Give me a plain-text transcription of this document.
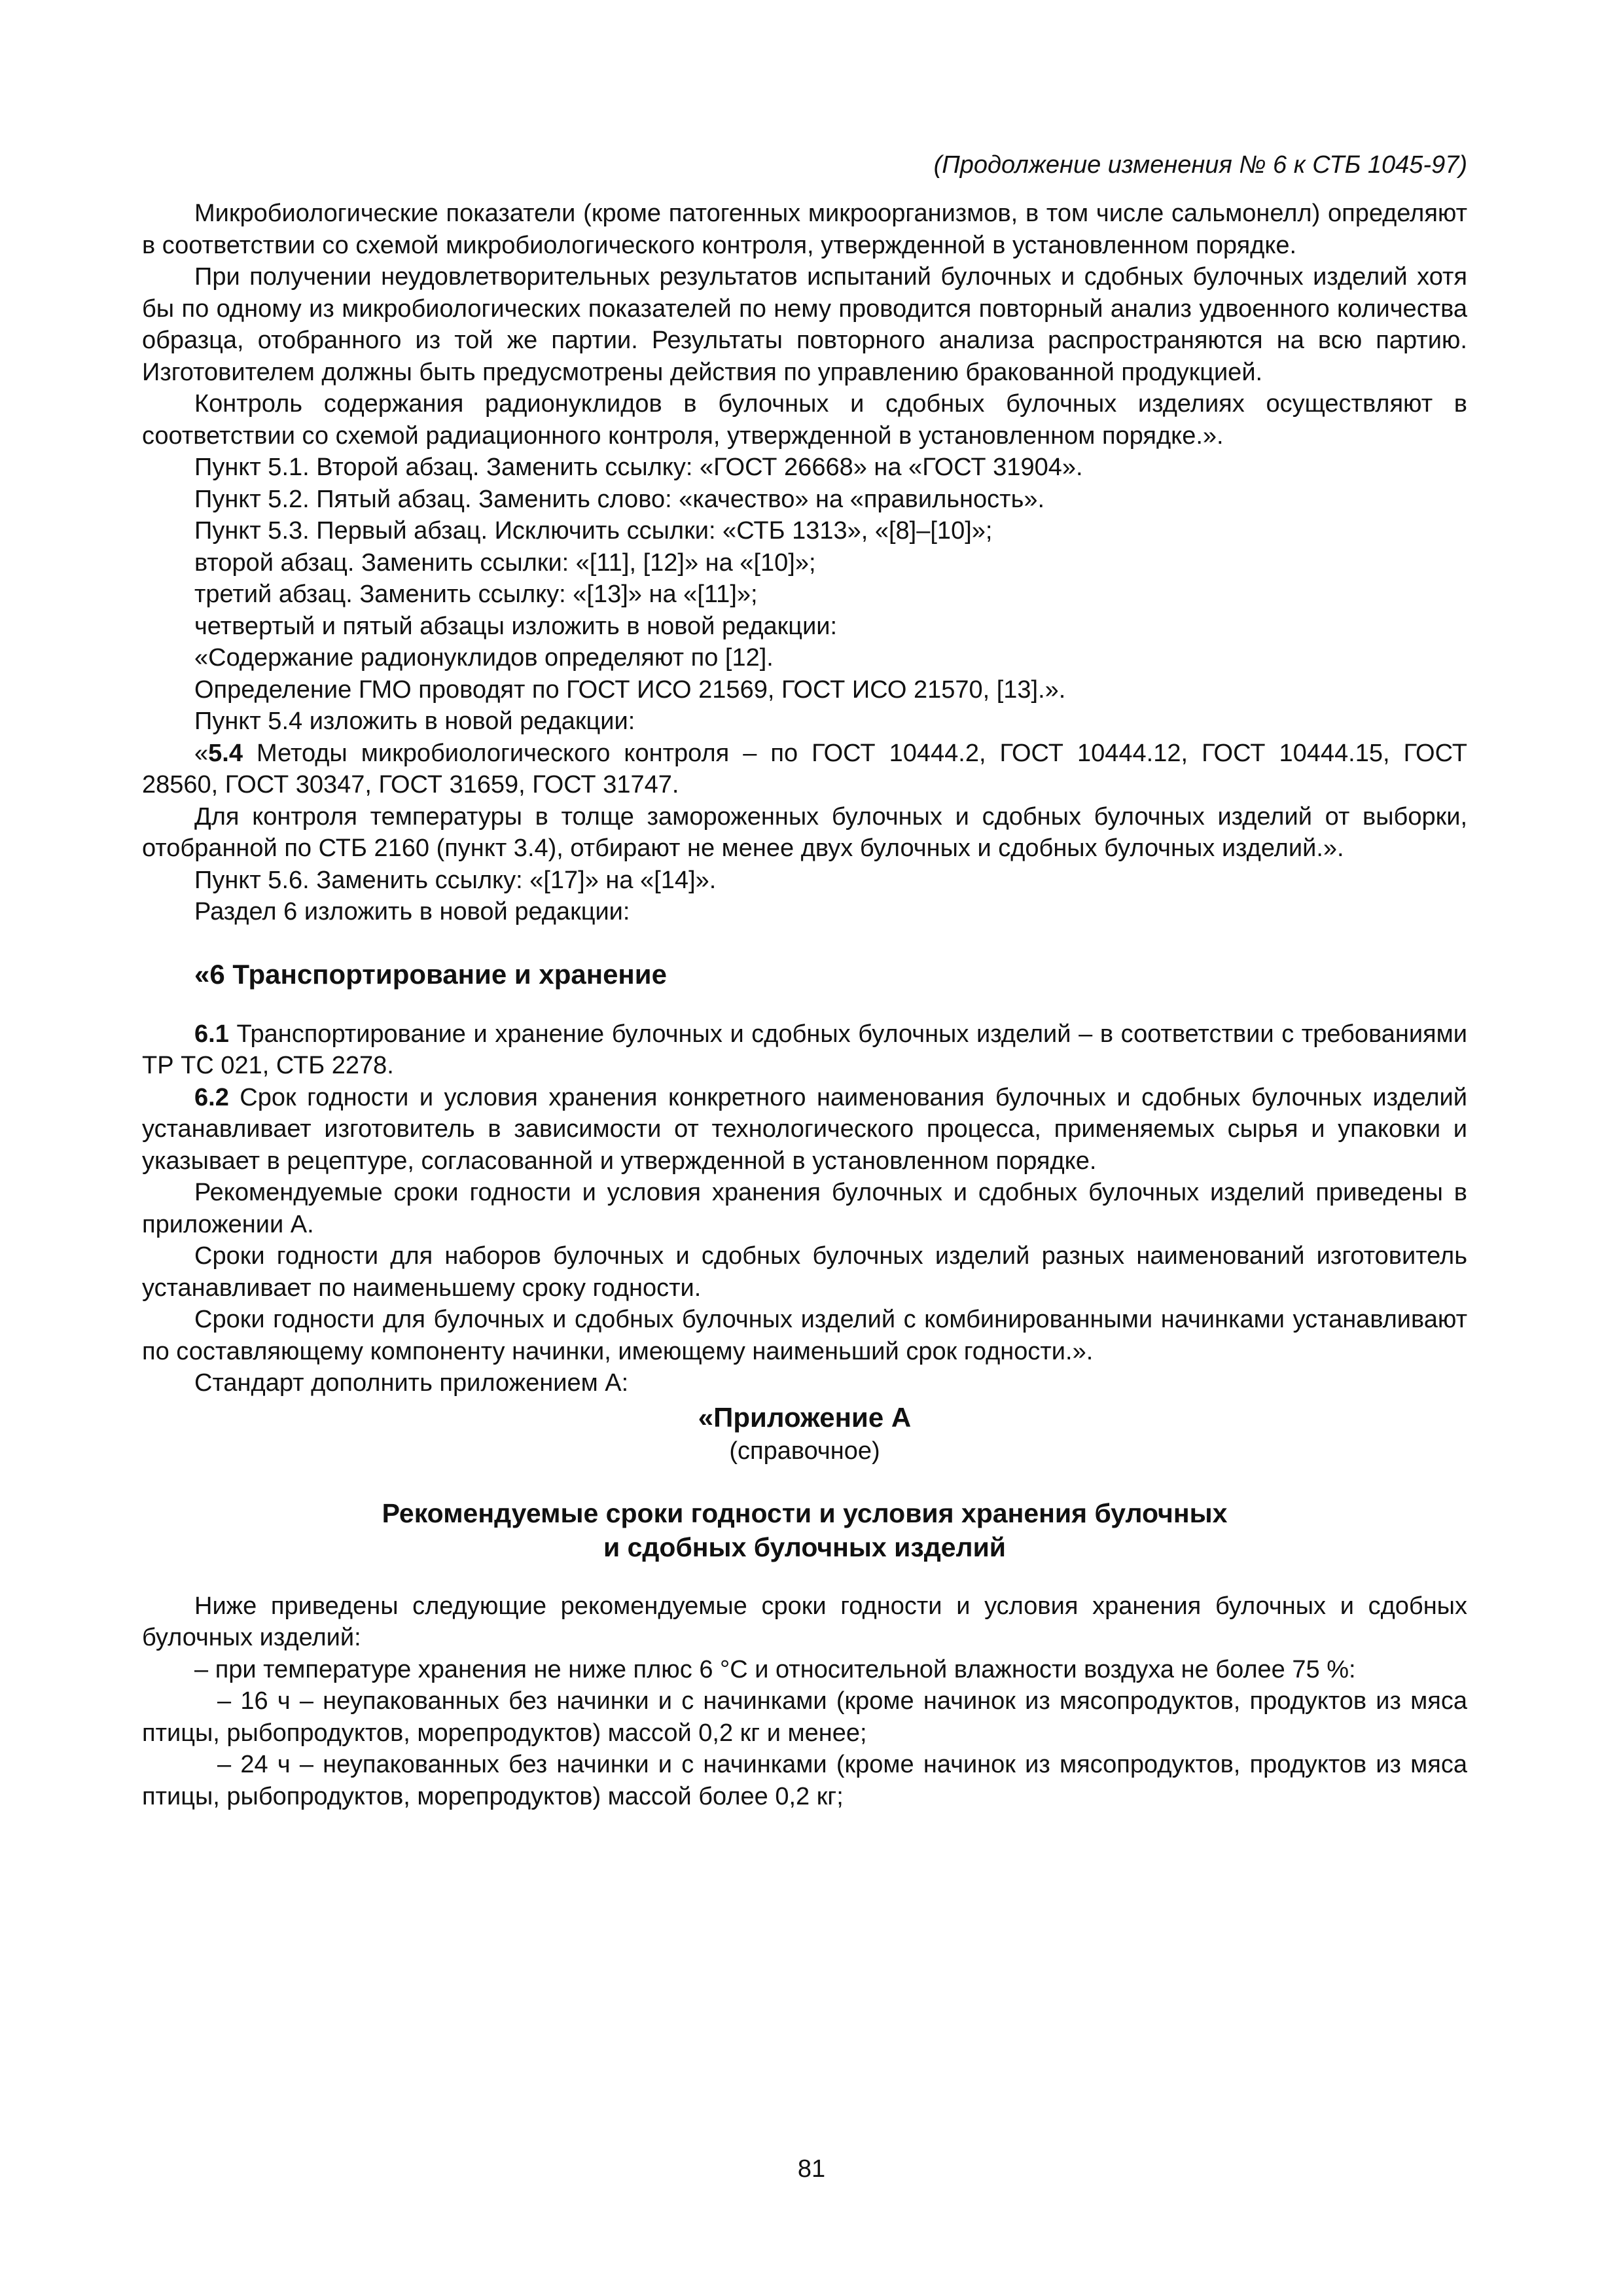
(Продолжение изменения № 6 к СТБ 1045-97)

Микробиологические показатели (кроме патогенных микроорганизмов, в том числе сальмонелл) определяют в соответствии со схемой микробиологического контроля, утвержденной в установленном порядке.

При получении неудовлетворительных результатов испытаний булочных и сдобных булочных изделий хотя бы по одному из микробиологических показателей по нему проводится повторный анализ удвоенного количества образца, отобранного из той же партии. Результаты повторного анализа распространяются на всю партию. Изготовителем должны быть предусмотрены действия по управлению бракованной продукцией.

Контроль содержания радионуклидов в булочных и сдобных булочных изделиях осуществляют в соответствии со схемой радиационного контроля, утвержденной в установленном порядке.».

Пункт 5.1. Второй абзац. Заменить ссылку: «ГОСТ 26668» на «ГОСТ 31904».

Пункт 5.2. Пятый абзац. Заменить слово: «качество» на «правильность».

Пункт 5.3. Первый абзац. Исключить ссылки: «СТБ 1313», «[8]–[10]»;

второй абзац. Заменить ссылки: «[11], [12]» на «[10]»;

третий абзац. Заменить ссылку: «[13]» на «[11]»;

четвертый и пятый абзацы изложить в новой редакции:

«Содержание радионуклидов определяют по [12].

Определение ГМО проводят по ГОСТ ИСО 21569, ГОСТ ИСО 21570, [13].».

Пункт 5.4 изложить в новой редакции:

«5.4 Методы микробиологического контроля – по ГОСТ 10444.2, ГОСТ 10444.12, ГОСТ 10444.15, ГОСТ 28560, ГОСТ 30347, ГОСТ 31659, ГОСТ 31747.

Для контроля температуры в толще замороженных булочных и сдобных булочных изделий от выборки, отобранной по СТБ 2160 (пункт 3.4), отбирают не менее двух булочных и сдобных булочных изделий.».

Пункт 5.6. Заменить ссылку: «[17]» на «[14]».

Раздел 6 изложить в новой редакции:

«6 Транспортирование и хранение

6.1 Транспортирование и хранение булочных и сдобных булочных изделий – в соответствии с требованиями ТР ТС 021, СТБ 2278.

6.2 Срок годности и условия хранения конкретного наименования булочных и сдобных булочных изделий устанавливает изготовитель в зависимости от технологического процесса, применяемых сырья и упаковки и указывает в рецептуре, согласованной и утвержденной в установленном порядке.

Рекомендуемые сроки годности и условия хранения булочных и сдобных булочных изделий приведены в приложении А.

Сроки годности для наборов булочных и сдобных булочных изделий разных наименований изготовитель устанавливает по наименьшему сроку годности.

Сроки годности для булочных и сдобных булочных изделий с комбинированными начинками устанавливают по составляющему компоненту начинки, имеющему наименьший срок годности.».

Стандарт дополнить приложением А:

«Приложение А
(справочное)
Рекомендуемые сроки годности и условия хранения булочных
и сдобных булочных изделий

Ниже приведены следующие рекомендуемые сроки годности и условия хранения булочных и сдобных булочных изделий:

– при температуре хранения не ниже плюс 6 °С и относительной влажности воздуха не более 75 %:

– 16 ч – неупакованных без начинки и с начинками (кроме начинок из мясопродуктов, продуктов из мяса птицы, рыбопродуктов, морепродуктов) массой 0,2 кг и менее;

– 24 ч – неупакованных без начинки и с начинками (кроме начинок из мясопродуктов, продуктов из мяса птицы, рыбопродуктов, морепродуктов) массой более 0,2 кг;

81
